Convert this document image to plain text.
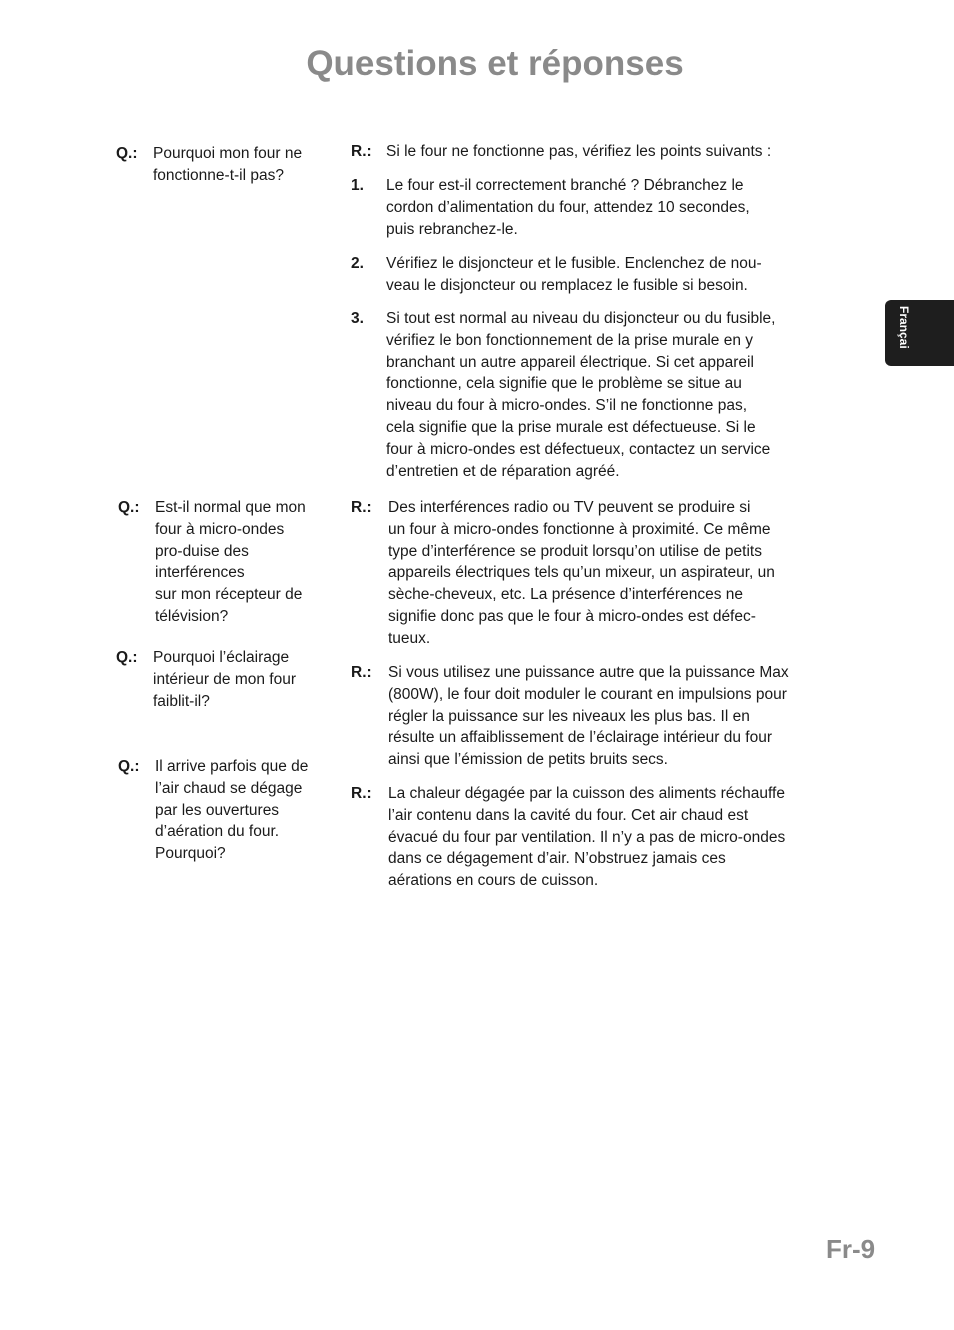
Questions et réponses
Françai
Q.: Pourquoi mon four ne
fonctionne-t-il pas?
R.: Si le four ne fonctionne pas, vérifiez les points suivants :
1. Le four est-il correctement branché ? Débranchez le
cordon d’alimentation du four, attendez 10 secondes,
puis rebranchez-le.
2. Vérifiez le disjoncteur et le fusible. Enclenchez de nou-
veau le disjoncteur ou remplacez le fusible si besoin.
3. Si tout est normal au niveau du disjoncteur ou du fusible,
vérifiez le bon fonctionnement de la prise murale en y
branchant un autre appareil électrique. Si cet appareil
fonctionne, cela signifie que le problème se situe au
niveau du four à micro-ondes. S’il ne fonctionne pas,
cela signifie que la prise murale est défectueuse. Si le
four à micro-ondes est défectueux, contactez un service
d’entretien et de réparation agréé.
Q.: Est-il normal que mon
four à micro-ondes
pro-duise des
interférences
sur mon récepteur de
télévision?
R.: Des interférences radio ou TV peuvent se produire si
un four à micro-ondes fonctionne à proximité. Ce même
type d’interférence se produit lorsqu’on utilise de petits
appareils électriques tels qu’un mixeur, un aspirateur, un
sèche-cheveux, etc. La présence d’interférences ne
signifie donc pas que le four à micro-ondes est défec-
tueux.
Q.: Pourquoi l’éclairage
intérieur de mon four
faiblit-il?
R.: Si vous utilisez une puissance autre que la puissance Max
(800W), le four doit moduler le courant en impulsions pour
régler la puissance sur les niveaux les plus bas. Il en
résulte un affaiblissement de l’éclairage intérieur du four
ainsi que l’émission de petits bruits secs.
Q.: Il arrive parfois que de
l’air chaud se dégage
par les ouvertures
d’aération du four.
Pourquoi?
R.: La chaleur dégagée par la cuisson des aliments réchauffe
l’air contenu dans la cavité du four. Cet air chaud est
évacué du four par ventilation. Il n’y a pas de micro-ondes
dans ce dégagement d’air. N’obstruez jamais ces
aérations en cours de cuisson.
Fr-9
